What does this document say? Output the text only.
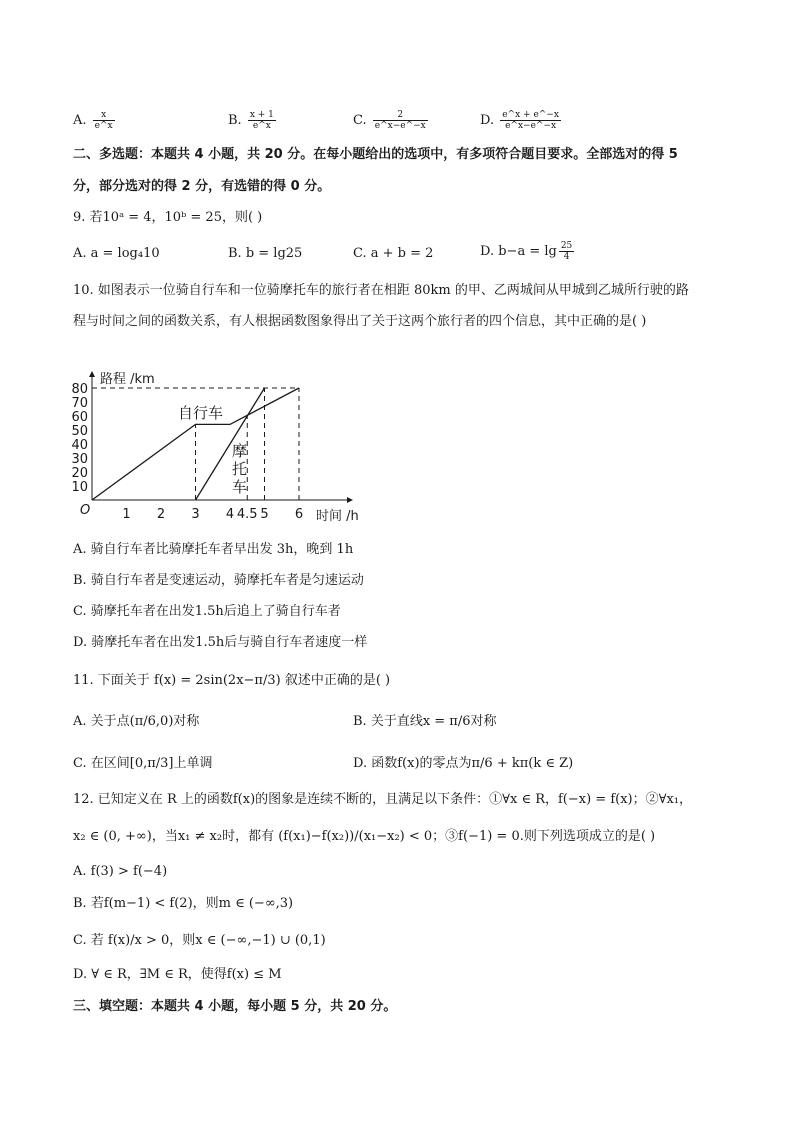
A. $\frac{x}{e\^{}x}$	B. $\frac{x + 1}{e\^{}x}$	C. $\frac{2}{e\^{}x-e\^{}-x}$	D. $\frac{e\^{}x + e\^{}-x}{e\^{}x-e\^{}-x}$
二、多选题：本题共 4 小题，共 20 分。在每小题给出的选项中，有多项符合题目要求。全部选对的得 5
分，部分选对的得 2 分，有选错的得 0 分。
9. 若10ᵃ = 4，10ᵇ = 25，则( )
A. a = log₄10	B. b = lg25	C. a + b = 2	D. $b-a = \lg \frac{25}{4}$
10. 如图表示一位骑自行车和一位骑摩托车的旅行者在相距 80km 的甲、乙两城间从甲城到乙城所行驶的路
程与时间之间的函数关系，有人根据函数图象得出了关于这两个旅行者的四个信息，其中正确的是( )
路程 /km
时间 /h
O 1 2 3 4 4.5 5 6
10
20
30
40
50
60
70
80
自行车
摩
托
车
A. 骑自行车者比骑摩托车者早出发 3h，晚到 1h
B. 骑自行车者是变速运动，骑摩托车者是匀速运动
C. 骑摩托车者在出发1.5h后追上了骑自行车者
D. 骑摩托车者在出发1.5h后与骑自行车者速度一样
11. 下面关于 f(x) = 2sin(2x−π/3) 叙述中正确的是( )
A. 关于点(π/6,0)对称	B. 关于直线x = π/6对称
C. 在区间[0,π/3]上单调	D. 函数f(x)的零点为π/6 + kπ(k ∈ Z)
12. 已知定义在 R 上的函数f(x)的图象是连续不断的，且满足以下条件：①∀x ∈ R，f(−x) = f(x)；②∀x₁，
x₂ ∈ (0, +∞)，当x₁ ≠ x₂时，都有 (f(x₁)−f(x₂))/(x₁−x₂) < 0；③f(−1) = 0.则下列选项成立的是( )
A. f(3) > f(−4)
B. 若f(m−1) < f(2)，则m ∈ (−∞,3)
C. 若 f(x)/x > 0，则x ∈ (−∞,−1) ∪ (0,1)
D. ∀ ∈ R，∃M ∈ R，使得f(x) ≤ M
三、填空题：本题共 4 小题，每小题 5 分，共 20 分。
